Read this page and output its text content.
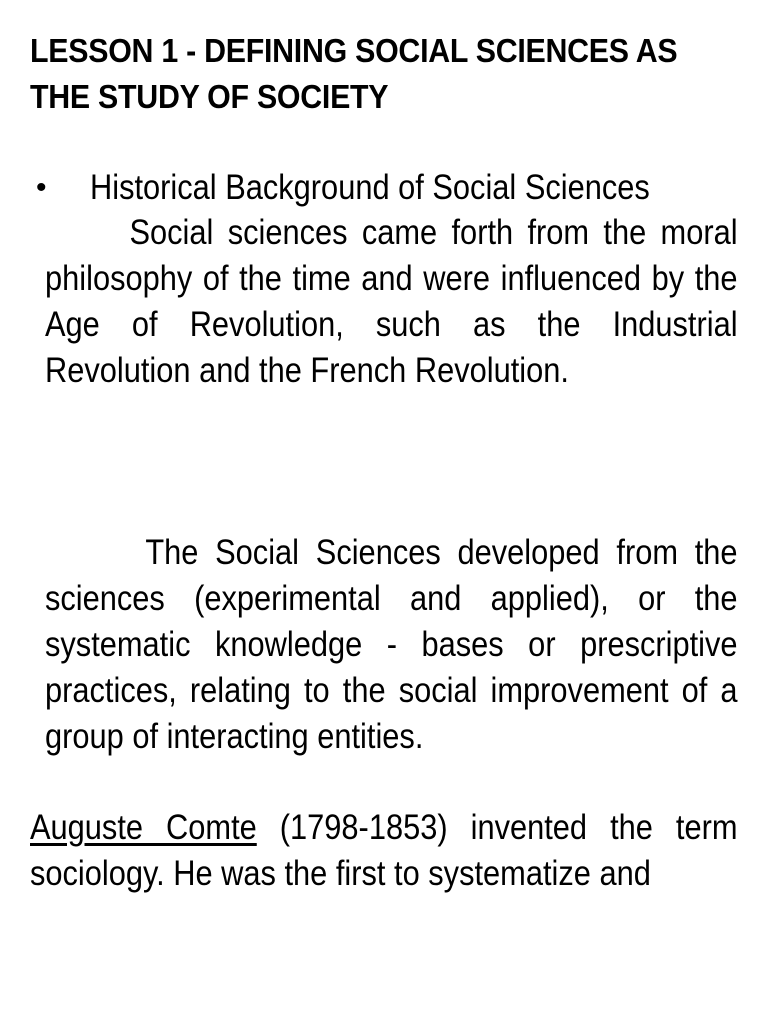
LESSON 1 - DEFINING SOCIAL SCIENCES AS THE STUDY OF SOCIETY
•	Historical Background of Social Sciences

Social sciences came forth from the moral philosophy of the time and were influenced by the Age of Revolution, such as the Industrial Revolution and the French Revolution.

The Social Sciences developed from the sciences (experimental and applied), or the systematic knowledge - bases or prescriptive practices, relating to the social improvement of a group of interacting entities.

Auguste Comte (1798-1853) invented the term sociology. He was the first to systematize and
